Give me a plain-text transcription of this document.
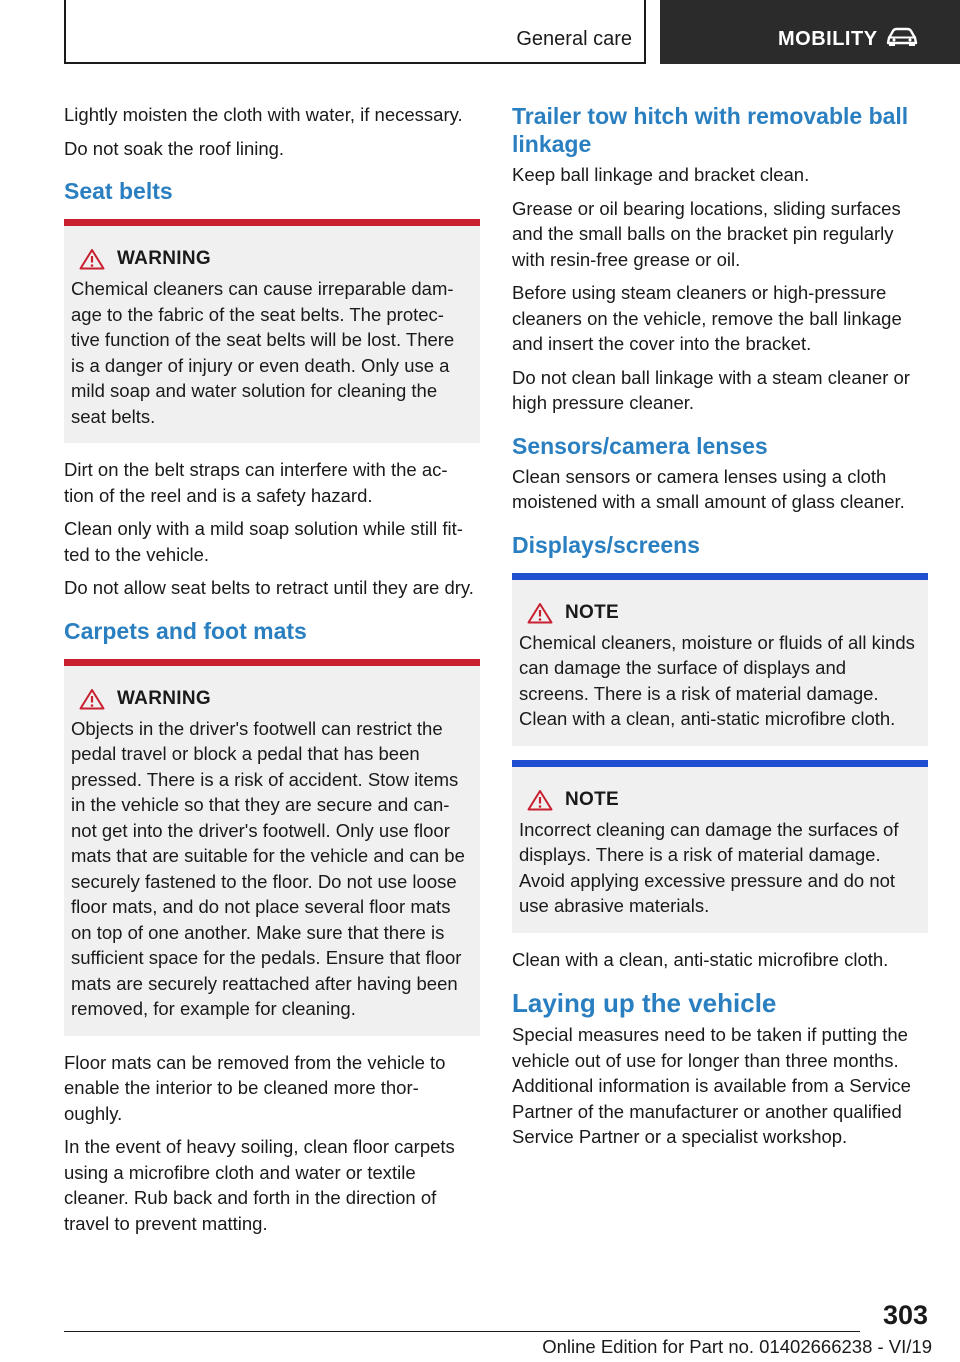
General care	MOBILITY

Lightly moisten the cloth with water, if necessary.

Do not soak the roof lining.

Seat belts
WARNING

Chemical cleaners can cause irreparable dam‐ age to the fabric of the seat belts. The protec‐ tive function of the seat belts will be lost. There is a danger of injury or even death. Only use a mild soap and water solution for cleaning the seat belts.

Dirt on the belt straps can interfere with the ac‐ tion of the reel and is a safety hazard.

Clean only with a mild soap solution while still fit‐ ted to the vehicle.

Do not allow seat belts to retract until they are dry.

Carpets and foot mats
WARNING

Objects in the driver's footwell can restrict the pedal travel or block a pedal that has been pressed. There is a risk of accident. Stow items in the vehicle so that they are secure and can‐ not get into the driver's footwell. Only use floor mats that are suitable for the vehicle and can be securely fastened to the floor. Do not use loose floor mats, and do not place several floor mats on top of one another. Make sure that there is sufficient space for the pedals. Ensure that floor mats are securely reattached after having been removed, for example for cleaning.

Floor mats can be removed from the vehicle to enable the interior to be cleaned more thor‐ oughly.

In the event of heavy soiling, clean floor carpets using a microfibre cloth and water or textile cleaner. Rub back and forth in the direction of travel to prevent matting.

Trailer tow hitch with removable ball linkage

Keep ball linkage and bracket clean.

Grease or oil bearing locations, sliding surfaces and the small balls on the bracket pin regularly with resin-free grease or oil.

Before using steam cleaners or high-pressure cleaners on the vehicle, remove the ball linkage and insert the cover into the bracket.

Do not clean ball linkage with a steam cleaner or high pressure cleaner.

Sensors/camera lenses

Clean sensors or camera lenses using a cloth moistened with a small amount of glass cleaner.

Displays/screens
NOTE

Chemical cleaners, moisture or fluids of all kinds can damage the surface of displays and screens. There is a risk of material damage. Clean with a clean, anti-static microfibre cloth.

NOTE

Incorrect cleaning can damage the surfaces of displays. There is a risk of material damage. Avoid applying excessive pressure and do not use abrasive materials.

Clean with a clean, anti-static microfibre cloth.

Laying up the vehicle

Special measures need to be taken if putting the vehicle out of use for longer than three months. Additional information is available from a Service Partner of the manufacturer or another qualified Service Partner or a specialist workshop.

303
Online Edition for Part no. 01402666238 - VI/19
